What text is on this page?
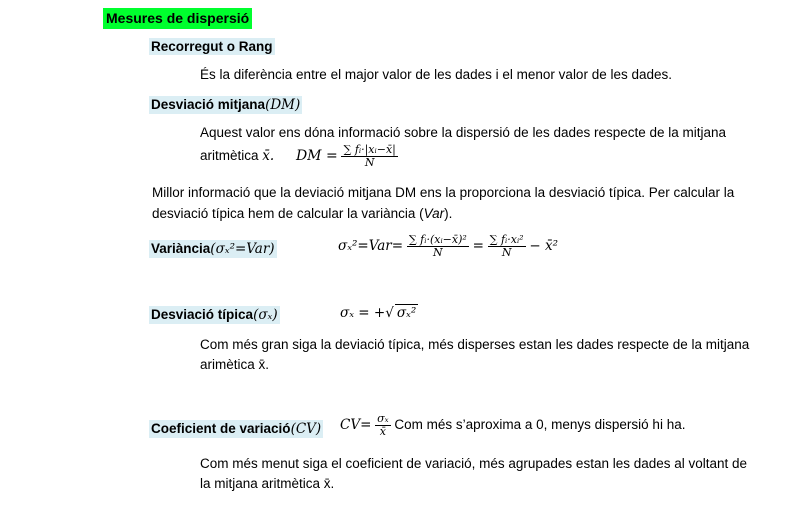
Mesures de dispersió
Recorregut o Rang
És la diferència entre el major valor de les dades i el menor valor de les dades.
Desviació mitjana(DM)
Aquest valor ens dóna informació sobre la dispersió de les dades respecte de la mitjana
aritmètica x̄. DM = $\frac{\text{∑ fᵢ·|xᵢ−x̄|}}{N}$
Millor informació que la deviació mitjana DM ens la proporciona la desviació típica. Per calcular la
desviació típica hem de calcular la variància (Var).
Variància(σₓ²=Var)	$\sigma_x^2=Var= \frac{\text{∑ fᵢ·(xᵢ−x̄)²}}{N} = \frac{\text{∑ fᵢ·xᵢ²}}{N}$ − x̄²
Desviació típica(σₓ)	σₓ = +√ σₓ²
Com més gran siga la deviació típica, més disperses estan les dades respecte de la mitjana
arimètica x̄.
Coeficient de variació(CV) $CV= \frac{\text{σₓ}}{x̄}$ Com més s’aproxima a 0, menys dispersió hi ha.
Com més menut siga el coeficient de variació, més agrupades estan les dades al voltant de
la mitjana aritmètica x̄.
